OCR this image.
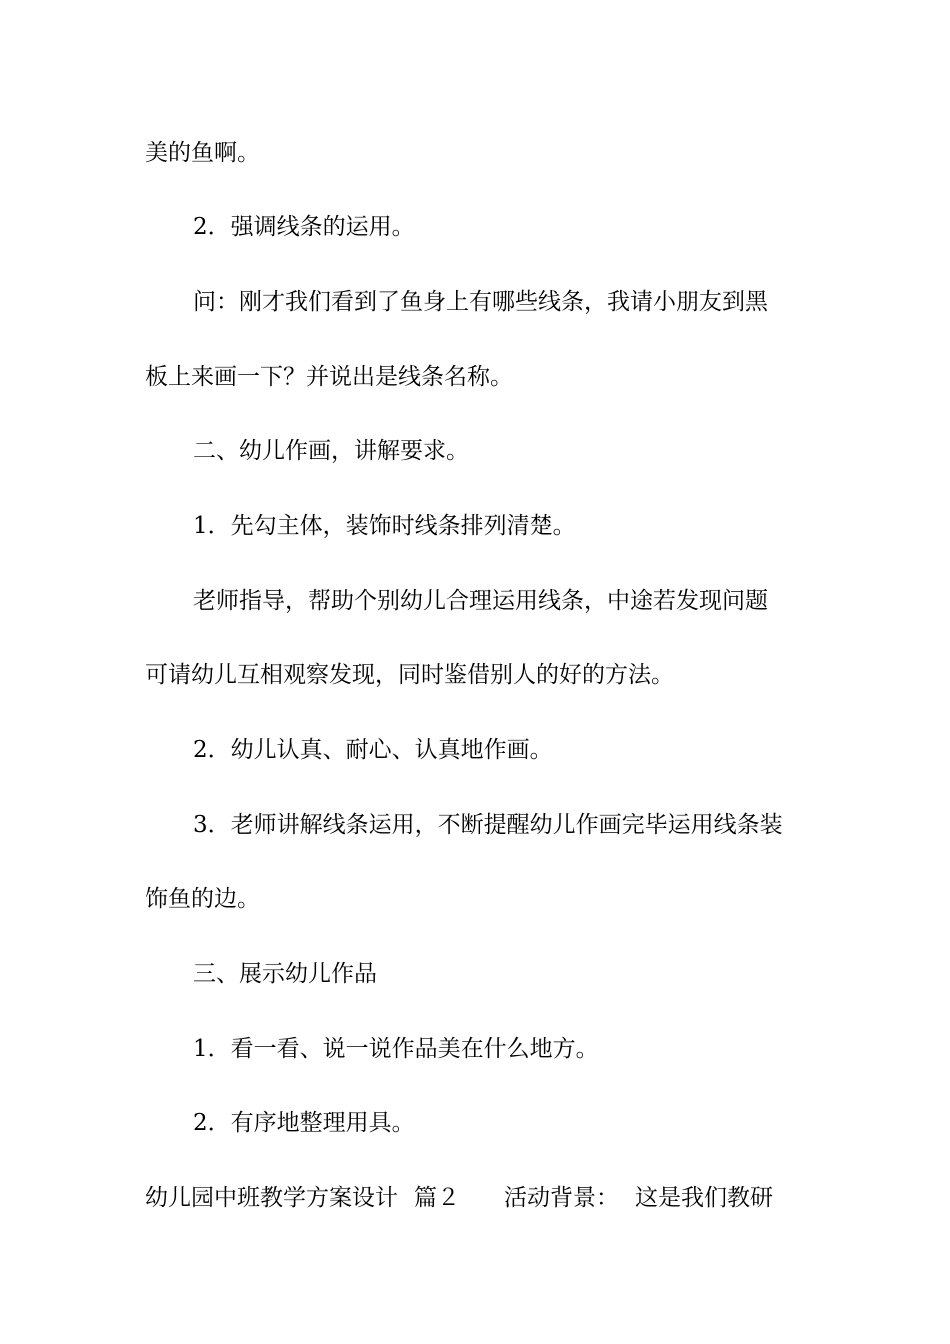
美的鱼啊。
2．强调线条的运用。
问：刚才我们看到了鱼身上有哪些线条，我请小朋友到黑
板上来画一下？并说出是线条名称。
二、幼儿作画，讲解要求。
1．先勾主体，装饰时线条排列清楚。
老师指导，帮助个别幼儿合理运用线条，中途若发现问题
可请幼儿互相观察发现，同时鉴借别人的好的方法。
2．幼儿认真、耐心、认真地作画。
3．老师讲解线条运用，不断提醒幼儿作画完毕运用线条装
饰鱼的边。
三、展示幼儿作品
1．看一看、说一说作品美在什么地方。
2．有序地整理用具。
幼儿园中班教学方案设计 篇２ 活动背景： 这是我们教研
